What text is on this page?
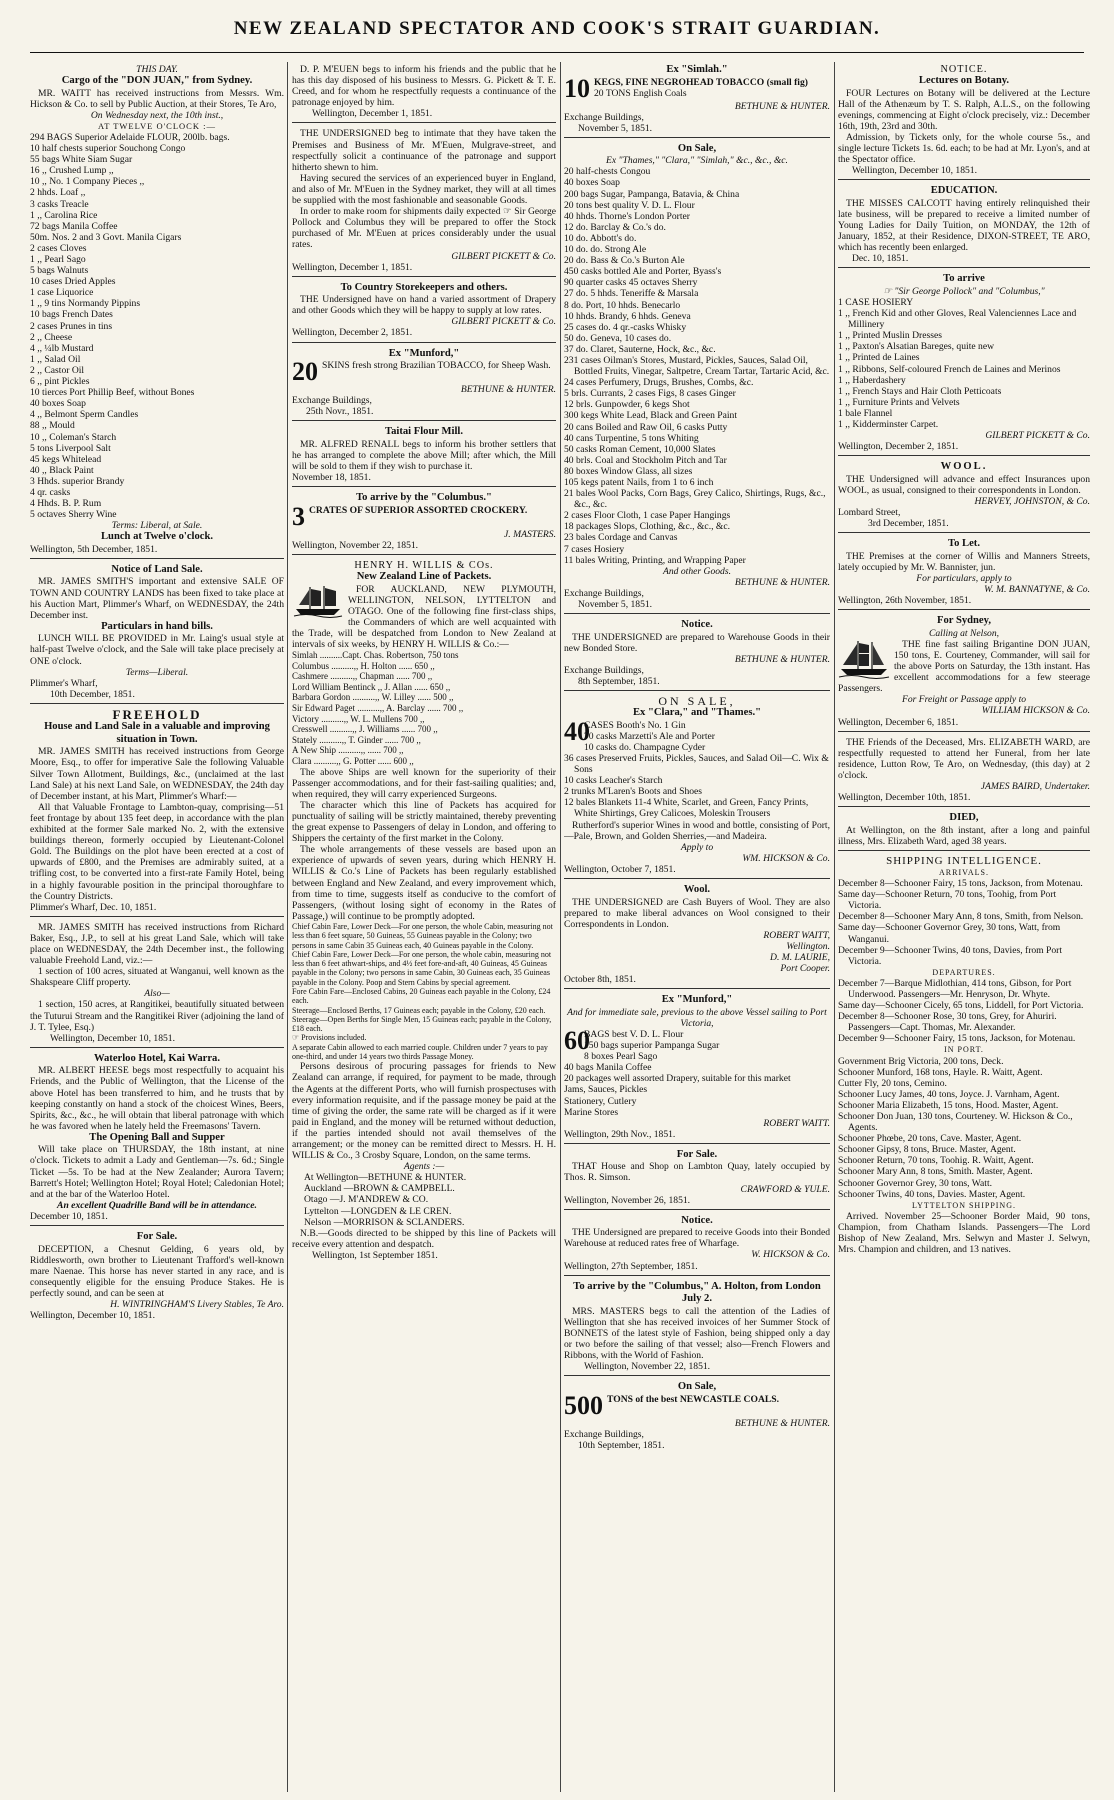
NEW ZEALAND SPECTATOR AND COOK'S STRAIT GUARDIAN.
THIS DAY.
Cargo of the "DON JUAN," from Sydney.

MR. WAITT has received instructions from Messrs. Wm. Hickson & Co. to sell by Public Auction, at their Stores, Te Aro,

On Wednesday next, the 10th inst.,
AT TWELVE O'CLOCK :—
294 BAGS Superior Adelaide FLOUR, 200lb. bags.
10 half chests superior Souchong Congo
55 bags White Siam Sugar
16 ,, Crushed Lump ,,
10 ,, No. 1 Company Pieces ,,
2 hhds. Loaf ,,
3 casks Treacle
1 ,, Carolina Rice
72 bags Manila Coffee
50m. Nos. 2 and 3 Govt. Manila Cigars
2 cases Cloves
1 ,, Pearl Sago
5 bags Walnuts
10 cases Dried Apples
1 case Liquorice
1 ,, 9 tins Normandy Pippins
10 bags French Dates
2 cases Prunes in tins
2 ,, Cheese
4 ,, ¼lb Mustard
1 ,, Salad Oil
2 ,, Castor Oil
6 ,, pint Pickles
10 tierces Port Phillip Beef, without Bones
40 boxes Soap
4 ,, Belmont Sperm Candles
88 ,, Mould
10 ,, Coleman's Starch
5 tons Liverpool Salt
45 kegs Whitelead
40 ,, Black Paint
3 Hhds. superior Brandy
4 qr. casks
4 Hhds. B. P. Rum
5 octaves Sherry Wine
Terms: Liberal, at Sale.
Lunch at Twelve o'clock.

Wellington, 5th December, 1851.

Notice of Land Sale.

MR. JAMES SMITH'S important and extensive SALE OF TOWN AND COUNTRY LANDS has been fixed to take place at his Auction Mart, Plimmer's Wharf, on WEDNESDAY, the 24th December inst.

Particulars in hand bills.

LUNCH WILL BE PROVIDED in Mr. Laing's usual style at half-past Twelve o'clock, and the Sale will take place precisely at ONE o'clock.

Terms—Liberal.

Plimmer's Wharf,

10th December, 1851.

FREEHOLD
House and Land Sale in a valuable and improving situation in Town.

MR. JAMES SMITH has received instructions from George Moore, Esq., to offer for imperative Sale the following Valuable Silver Town Allotment, Buildings, &c., (unclaimed at the last Land Sale) at his next Land Sale, on WEDNESDAY, the 24th day of December instant, at his Mart, Plimmer's Wharf:—

All that Valuable Frontage to Lambton-quay, comprising—51 feet frontage by about 135 feet deep, in accordance with the plan exhibited at the former Sale marked No. 2, with the extensive buildings thereon, formerly occupied by Lieutenant-Colonel Gold. The Buildings on the plot have been erected at a cost of upwards of £800, and the Premises are admirably suited, at a trifling cost, to be converted into a first-rate Family Hotel, being in a highly favourable position in the principal thoroughfare to the Country Districts.

Plimmer's Wharf, Dec. 10, 1851.

MR. JAMES SMITH has received instructions from Richard Baker, Esq., J.P., to sell at his great Land Sale, which will take place on WEDNESDAY, the 24th December inst., the following valuable Freehold Land, viz.:—

1 section of 100 acres, situated at Wanganui, well known as the Shakspeare Cliff property.

Also—

1 section, 150 acres, at Rangitikei, beautifully situated between the Tuturui Stream and the Rangitikei River (adjoining the land of J. T. Tylee, Esq.)

Wellington, December 10, 1851.

Waterloo Hotel, Kai Warra.

MR. ALBERT HEESE begs most respectfully to acquaint his Friends, and the Public of Wellington, that the License of the above Hotel has been transferred to him, and he trusts that by keeping constantly on hand a stock of the choicest Wines, Beers, Spirits, &c., &c., he will obtain that liberal patronage with which he was favored when he lately held the Freemasons' Tavern.

The Opening Ball and Supper

Will take place on THURSDAY, the 18th instant, at nine o'clock. Tickets to admit a Lady and Gentleman—7s. 6d.; Single Ticket —5s. To be had at the New Zealander; Aurora Tavern; Barrett's Hotel; Wellington Hotel; Royal Hotel; Caledonian Hotel; and at the bar of the Waterloo Hotel.

An excellent Quadrille Band will be in attendance.

December 10, 1851.

For Sale.

DECEPTION, a Chesnut Gelding, 6 years old, by Riddlesworth, own brother to Lieutenant Trafford's well-known mare Naenae. This horse has never started in any race, and is consequently eligible for the ensuing Produce Stakes. He is perfectly sound, and can be seen at

H. WINTRINGHAM'S Livery Stables, Te Aro.

Wellington, December 10, 1851.

D. P. M'EUEN begs to inform his friends and the public that he has this day disposed of his business to Messrs. G. Pickett & T. E. Creed, and for whom he respectfully requests a continuance of the patronage enjoyed by him.

Wellington, December 1, 1851.

THE UNDERSIGNED beg to intimate that they have taken the Premises and Business of Mr. M'Euen, Mulgrave-street, and respectfully solicit a continuance of the patronage and support hitherto shewn to him.

Having secured the services of an experienced buyer in England, and also of Mr. M'Euen in the Sydney market, they will at all times be supplied with the most fashionable and seasonable Goods.

In order to make room for shipments daily expected ☞ Sir George Pollock and Columbus they will be prepared to offer the Stock purchased of Mr. M'Euen at prices considerably under the usual rates.

GILBERT PICKETT & Co.

Wellington, December 1, 1851.

To Country Storekeepers and others.

THE Undersigned have on hand a varied assortment of Drapery and other Goods which they will be happy to supply at low rates.

GILBERT PICKETT & Co.

Wellington, December 2, 1851.

Ex "Munford,"
20 SKINS fresh strong Brazilian TOBACCO, for Sheep Wash.

BETHUNE & HUNTER.

Exchange Buildings,

25th Novr., 1851.

Taitai Flour Mill.

MR. ALFRED RENALL begs to inform his brother settlers that he has arranged to complete the above Mill; after which, the Mill will be sold to them if they wish to purchase it.

November 18, 1851.

To arrive by the "Columbus."
3 CRATES OF SUPERIOR ASSORTED CROCKERY.

J. MASTERS.

Wellington, November 22, 1851.

HENRY H. WILLIS & COs.
New Zealand Line of Packets.

FOR AUCKLAND, NEW PLYMOUTH, WELLINGTON, NELSON, LYTTELTON and OTAGO. One of the following fine first-class ships, the Commanders of which are well acquainted with the Trade, will be despatched from London to New Zealand at intervals of six weeks, by HENRY H. WILLIS & Co.:—

Simlah ..........Capt. Chas. Robertson, 750 tons
Columbus ..........,, H. Holton ...... 650 ,,
Cashmere ..........,, Chapman ...... 700 ,,
Lord William Bentinck ,, J. Allan ...... 650 ,,
Barbara Gordon ..........,, W. Lilley ...... 500 ,,
Sir Edward Paget ..........,, A. Barclay ...... 700 ,,
Victory ..........,, W. L. Mullens 700 ,,
Cresswell ..........,, J. Williams ...... 700 ,,
Stately ..........,, T. Ginder ...... 700 ,,
A New Ship ..........,, ...... 700 ,,
Clara ..........,, G. Potter ...... 600 ,,

The above Ships are well known for the superiority of their Passenger accommodations, and for their fast-sailing qualities; and, when required, they will carry experienced Surgeons.

The character which this line of Packets has acquired for punctuality of sailing will be strictly maintained, thereby preventing the great expense to Passengers of delay in London, and offering to Shippers the certainty of the first market in the Colony.

The whole arrangements of these vessels are based upon an experience of upwards of seven years, during which HENRY H. WILLIS & Co.'s Line of Packets has been regularly established between England and New Zealand, and every improvement which, from time to time, suggests itself as conducive to the comfort of Passengers, (without losing sight of economy in the Rates of Passage,) will continue to be promptly adopted.

Chief Cabin Fare, Lower Deck—For one person, the whole Cabin, measuring not less than 6 feet square, 50 Guineas, 55 Guineas payable in the Colony; two persons in same Cabin 35 Guineas each, 40 Guineas payable in the Colony.
Chief Cabin Fare, Lower Deck—For one person, the whole cabin, measuring not less than 6 feet athwart-ships, and 4½ feet fore-and-aft, 40 Guineas, 45 Guineas payable in the Colony; two persons in same Cabin, 30 Guineas each, 35 Guineas payable in the Colony. Poop and Stern Cabins by special agreement.
Fore Cabin Fare—Enclosed Cabins, 20 Guineas each payable in the Colony, £24 each.
Steerage—Enclosed Berths, 17 Guineas each; payable in the Colony, £20 each.
Steerage—Open Berths for Single Men, 15 Guineas each; payable in the Colony, £18 each.
☞ Provisions included.
A separate Cabin allowed to each married couple. Children under 7 years to pay one-third, and under 14 years two thirds Passage Money.

Persons desirous of procuring passages for friends to New Zealand can arrange, if required, for payment to be made, through the Agents at the different Ports, who will furnish prospectuses with every information requisite, and if the passage money be paid at the time of giving the order, the same rate will be charged as if it were paid in England, and the money will be returned without deduction, if the parties intended should not avail themselves of the arrangement; or the money can be remitted direct to Messrs. H. H. WILLIS & Co., 3 Crosby Square, London, on the same terms.

Agents :—
At Wellington—BETHUNE & HUNTER.
Auckland —BROWN & CAMPBELL.
Otago —J. M'ANDREW & CO.
Lyttelton —LONGDEN & LE CREN.
Nelson —MORRISON & SCLANDERS.

N.B.—Goods directed to be shipped by this line of Packets will receive every attention and despatch.

Wellington, 1st September 1851.

Ex "Simlah."
10 KEGS, FINE NEGROHEAD TOBACCO (small fig)

20 TONS English Coals

BETHUNE & HUNTER.

Exchange Buildings,

November 5, 1851.

On Sale,
Ex "Thames," "Clara," "Simlah," &c., &c., &c.
20 half-chests Congou
40 boxes Soap
200 bags Sugar, Pampanga, Batavia, & China
20 tons best quality V. D. L. Flour
40 hhds. Thorne's London Porter
12 do. Barclay & Co.'s do.
10 do. Abbott's do.
10 do. do. Strong Ale
20 do. Bass & Co.'s Burton Ale
450 casks bottled Ale and Porter, Byass's
90 quarter casks 45 octaves Sherry
27 do. 5 hhds. Teneriffe & Marsala
8 do. Port, 10 hhds. Benecarlo
10 hhds. Brandy, 6 hhds. Geneva
25 cases do. 4 qr.-casks Whisky
50 do. Geneva, 10 cases do.
37 do. Claret, Sauterne, Hock, &c., &c.
231 cases Oilman's Stores, Mustard, Pickles, Sauces, Salad Oil, Bottled Fruits, Vinegar, Saltpetre, Cream Tartar, Tartaric Acid, &c.
24 cases Perfumery, Drugs, Brushes, Combs, &c.
5 brls. Currants, 2 cases Figs, 8 cases Ginger
12 brls. Gunpowder, 6 kegs Shot
300 kegs White Lead, Black and Green Paint
20 cans Boiled and Raw Oil, 6 casks Putty
40 cans Turpentine, 5 tons Whiting
50 casks Roman Cement, 10,000 Slates
40 brls. Coal and Stockholm Pitch and Tar
80 boxes Window Glass, all sizes
105 kegs patent Nails, from 1 to 6 inch
21 bales Wool Packs, Corn Bags, Grey Calico, Shirtings, Rugs, &c., &c., &c.
2 cases Floor Cloth, 1 case Paper Hangings
18 packages Slops, Clothing, &c., &c., &c.
23 bales Cordage and Canvas
7 cases Hosiery
11 bales Writing, Printing, and Wrapping Paper
And other Goods.

BETHUNE & HUNTER.

Exchange Buildings,

November 5, 1851.

Notice.

THE UNDERSIGNED are prepared to Warehouse Goods in their new Bonded Store.

BETHUNE & HUNTER.

Exchange Buildings,

8th September, 1851.

ON SALE,
Ex "Clara," and "Thames."
40
CASES Booth's No. 1 Gin
70 casks Marzetti's Ale and Porter
10 casks do. Champagne Cyder
36 cases Preserved Fruits, Pickles, Sauces, and Salad Oil—C. Wix & Sons
10 casks Leacher's Starch
2 trunks M'Laren's Boots and Shoes
12 bales Blankets 11-4 White, Scarlet, and Green, Fancy Prints, White Shirtings, Grey Calicoes, Moleskin Trousers

Rutherford's superior Wines in wood and bottle, consisting of Port,—Pale, Brown, and Golden Sherries,—and Madeira.

Apply to

WM. HICKSON & Co.

Wellington, October 7, 1851.

Wool.

THE UNDERSIGNED are Cash Buyers of Wool. They are also prepared to make liberal advances on Wool consigned to their Correspondents in London.

ROBERT WAITT,

Wellington.

D. M. LAURIE,

Port Cooper.

October 8th, 1851.

Ex "Munford,"
And for immediate sale, previous to the above Vessel sailing to Port Victoria,
60
BAGS best V. D. L. Flour
150 bags superior Pampanga Sugar
8 boxes Pearl Sago
40 bags Manila Coffee
20 packages well assorted Drapery, suitable for this market
Jams, Sauces, Pickles
Stationery, Cutlery
Marine Stores

ROBERT WAITT.

Wellington, 29th Nov., 1851.

For Sale.

THAT House and Shop on Lambton Quay, lately occupied by Thos. R. Simson.

CRAWFORD & YULE.

Wellington, November 26, 1851.

Notice.

THE Undersigned are prepared to receive Goods into their Bonded Warehouse at reduced rates free of Wharfage.

W. HICKSON & Co.

Wellington, 27th September, 1851.

To arrive by the "Columbus," A. Holton, from London July 2.

MRS. MASTERS begs to call the attention of the Ladies of Wellington that she has received invoices of her Summer Stock of BONNETS of the latest style of Fashion, being shipped only a day or two before the sailing of that vessel; also—French Flowers and Ribbons, with the World of Fashion.

Wellington, November 22, 1851.

On Sale,
500 TONS of the best NEWCASTLE COALS.

BETHUNE & HUNTER.

Exchange Buildings,

10th September, 1851.

NOTICE.
Lectures on Botany.

FOUR Lectures on Botany will be delivered at the Lecture Hall of the Athenæum by T. S. Ralph, A.L.S., on the following evenings, commencing at Eight o'clock precisely, viz.: December 16th, 19th, 23rd and 30th.

Admission, by Tickets only, for the whole course 5s., and single lecture Tickets 1s. 6d. each; to be had at Mr. Lyon's, and at the Spectator office.

Wellington, December 10, 1851.

EDUCATION.

THE MISSES CALCOTT having entirely relinquished their late business, will be prepared to receive a limited number of Young Ladies for Daily Tuition, on MONDAY, the 12th of January, 1852, at their Residence, DIXON-STREET, TE ARO, which has recently been enlarged.

Dec. 10, 1851.

To arrive
☞ "Sir George Pollock" and "Columbus,"
1 CASE HOSIERY
1 ,, French Kid and other Gloves, Real Valenciennes Lace and Millinery
1 ,, Printed Muslin Dresses
1 ,, Paxton's Alsatian Bareges, quite new
1 ,, Printed de Laines
1 ,, Ribbons, Self-coloured French de Laines and Merinos
1 ,, Haberdashery
1 ,, French Stays and Hair Cloth Petticoats
1 ,, Furniture Prints and Velvets
1 bale Flannel
1 ,, Kidderminster Carpet.

GILBERT PICKETT & Co.

Wellington, December 2, 1851.

WOOL.

THE Undersigned will advance and effect Insurances upon WOOL, as usual, consigned to their correspondents in London.

HERVEY, JOHNSTON, & Co.

Lombard Street,

3rd December, 1851.

To Let.

THE Premises at the corner of Willis and Manners Streets, lately occupied by Mr. W. Bannister, jun.

For particulars, apply to

W. M. BANNATYNE, & Co.

Wellington, 26th November, 1851.

For Sydney,
Calling at Nelson,

THE fine fast sailing Brigantine DON JUAN, 150 tons, E. Courteney, Commander, will sail for the above Ports on Saturday, the 13th instant. Has excellent accommodations for a few steerage Passengers.

For Freight or Passage apply to

WILLIAM HICKSON & Co.

Wellington, December 6, 1851.

THE Friends of the Deceased, Mrs. ELIZABETH WARD, are respectfully requested to attend her Funeral, from her late residence, Lutton Row, Te Aro, on Wednesday, (this day) at 2 o'clock.

JAMES BAIRD, Undertaker.

Wellington, December 10th, 1851.

DIED,

At Wellington, on the 8th instant, after a long and painful illness, Mrs. Elizabeth Ward, aged 38 years.

SHIPPING INTELLIGENCE.
ARRIVALS.
December 8—Schooner Fairy, 15 tons, Jackson, from Motenau.
Same day—Schooner Return, 70 tons, Toohig, from Port Victoria.
December 8—Schooner Mary Ann, 8 tons, Smith, from Nelson.
Same day—Schooner Governor Grey, 30 tons, Watt, from Wanganui.
December 9—Schooner Twins, 40 tons, Davies, from Port Victoria.
DEPARTURES.
December 7—Barque Midlothian, 414 tons, Gibson, for Port Underwood. Passengers—Mr. Henryson, Dr. Whyte.
Same day—Schooner Cicely, 65 tons, Liddell, for Port Victoria.
December 8—Schooner Rose, 30 tons, Grey, for Ahuriri. Passengers—Capt. Thomas, Mr. Alexander.
December 9—Schooner Fairy, 15 tons, Jackson, for Motenau.
IN PORT.
Government Brig Victoria, 200 tons, Deck.
Schooner Munford, 168 tons, Hayle. R. Waitt, Agent.
Cutter Fly, 20 tons, Cemino.
Schooner Lucy James, 40 tons, Joyce. J. Varnham, Agent.
Schooner Maria Elizabeth, 15 tons, Hood. Master, Agent.
Schooner Don Juan, 130 tons, Courteney. W. Hickson & Co., Agents.
Schooner Phœbe, 20 tons, Cave. Master, Agent.
Schooner Gipsy, 8 tons, Bruce. Master, Agent.
Schooner Return, 70 tons, Toohig. R. Waitt, Agent.
Schooner Mary Ann, 8 tons, Smith. Master, Agent.
Schooner Governor Grey, 30 tons, Watt.
Schooner Twins, 40 tons, Davies. Master, Agent.
LYTTELTON SHIPPING.

Arrived. November 25—Schooner Border Maid, 90 tons, Champion, from Chatham Islands. Passengers—The Lord Bishop of New Zealand, Mrs. Selwyn and Master J. Selwyn, Mrs. Champion and children, and 13 natives.
